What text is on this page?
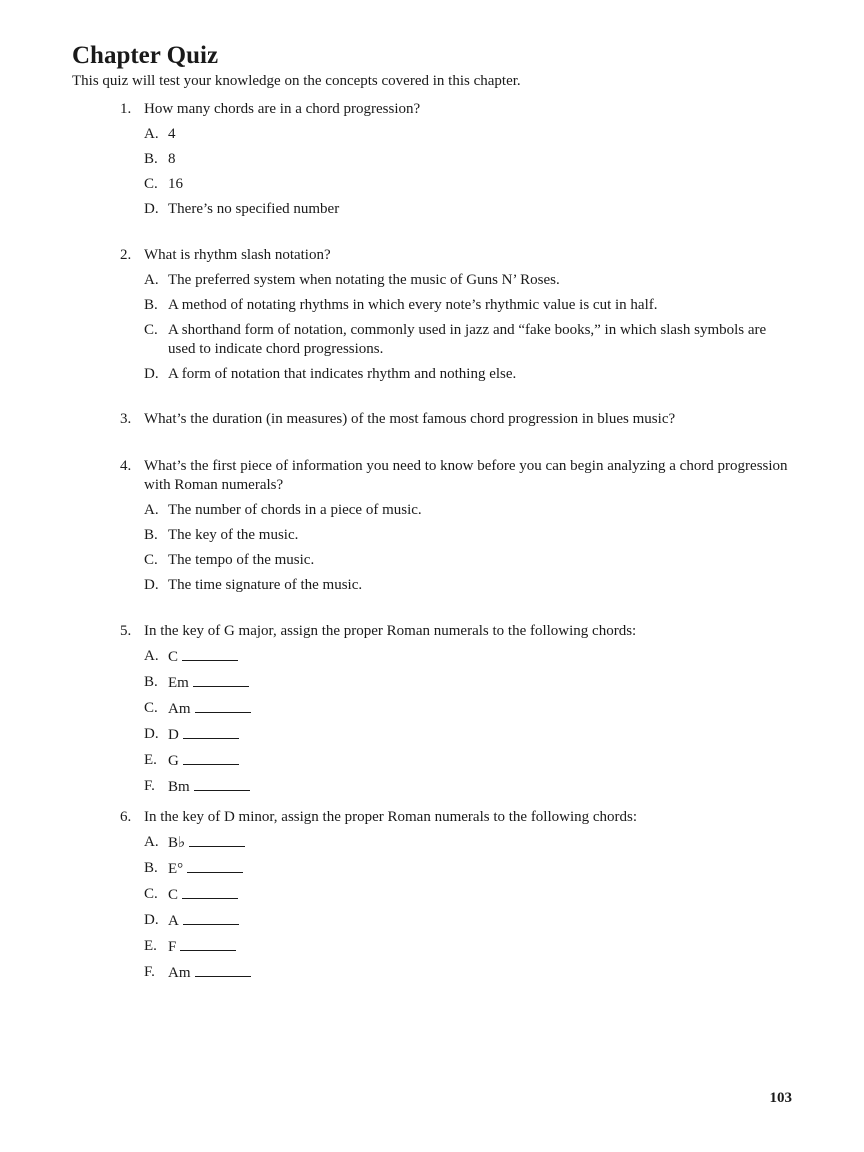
Chapter Quiz

This quiz will test your knowledge on the concepts covered in this chapter.

1. How many chords are in a chord progression?
A. 4
B. 8
C. 16
D. There’s no specified number
2. What is rhythm slash notation?
A. The preferred system when notating the music of Guns N’ Roses.
B. A method of notating rhythms in which every note’s rhythmic value is cut in half.
C. A shorthand form of notation, commonly used in jazz and “fake books,” in which slash symbols are used to indicate chord progressions.
D. A form of notation that indicates rhythm and nothing else.
3. What’s the duration (in measures) of the most famous chord progression in blues music?
4. What’s the first piece of information you need to know before you can begin analyzing a chord progression with Roman numerals?
A. The number of chords in a piece of music.
B. The key of the music.
C. The tempo of the music.
D. The time signature of the music.
5. In the key of G major, assign the proper Roman numerals to the following chords:
A. C
B. Em
C. Am
D. D
E. G
F. Bm
6. In the key of D minor, assign the proper Roman numerals to the following chords:
A. B♭
B. E°
C. C
D. A
E. F
F. Am
103
